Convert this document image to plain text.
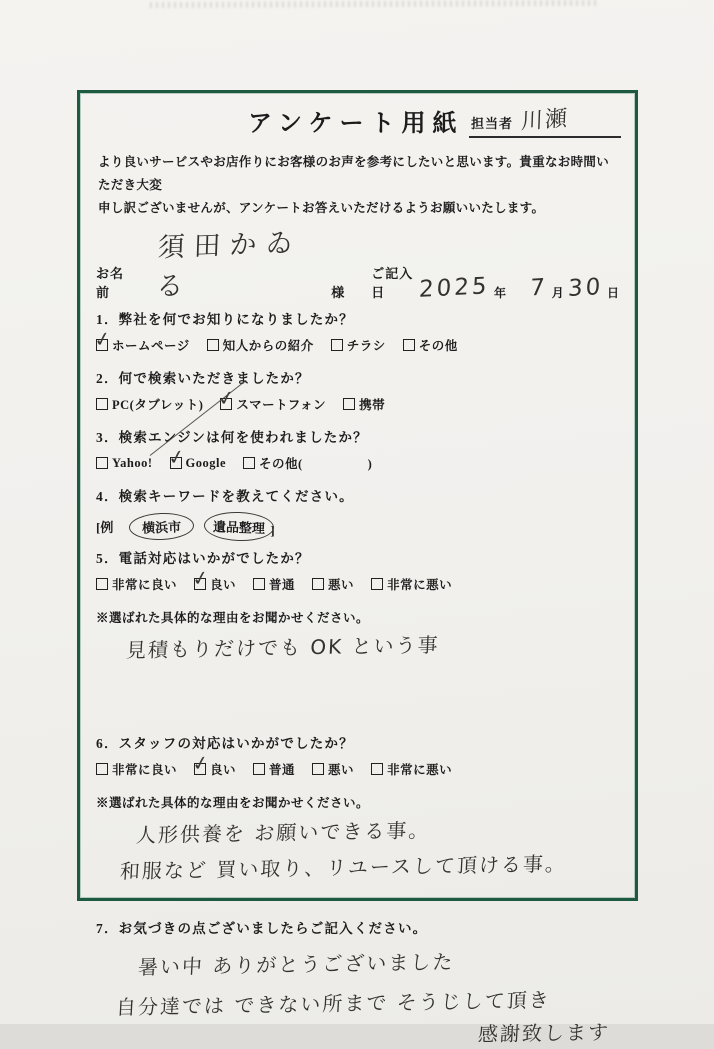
アンケート用紙 担当者 川瀬

より良いサービスやお店作りにお客様のお声を参考にしたいと思います。貴重なお時間いただき大変
申し訳ございませんが、アンケートお答えいただけるようお願いいたします。

お名前
須田かゐる	様
ご記入日	2025 年 7 月 30 日
1．弊社を何でお知りになりましたか？
✓
ホームページ	知人からの紹介	チラシ	その他
2．何で検索いただきましたか？
PC(タブレット) ✓
スマートフォン	携帯
3．検索エンジンは何を使われましたか？
Yahoo! ✓
Google	その他(　　　　　)
4．検索キーワードを教えてください。
[例	横浜市	遺品整理 ]
5．電話対応はいかがでしたか？
非常に良い ✓
良い	普通	悪い	非常に悪い
※選ばれた具体的な理由をお聞かせください。
見積もりだけでも OK という事
6．スタッフの対応はいかがでしたか？
非常に良い ✓
良い	普通	悪い	非常に悪い
※選ばれた具体的な理由をお聞かせください。
人形供養を お願いできる事。
和服など 買い取り、リユースして頂ける事。
7．お気づきの点ございましたらご記入ください。
暑い中 ありがとうございました
自分達では できない所まで そうじして頂き
感謝致します
